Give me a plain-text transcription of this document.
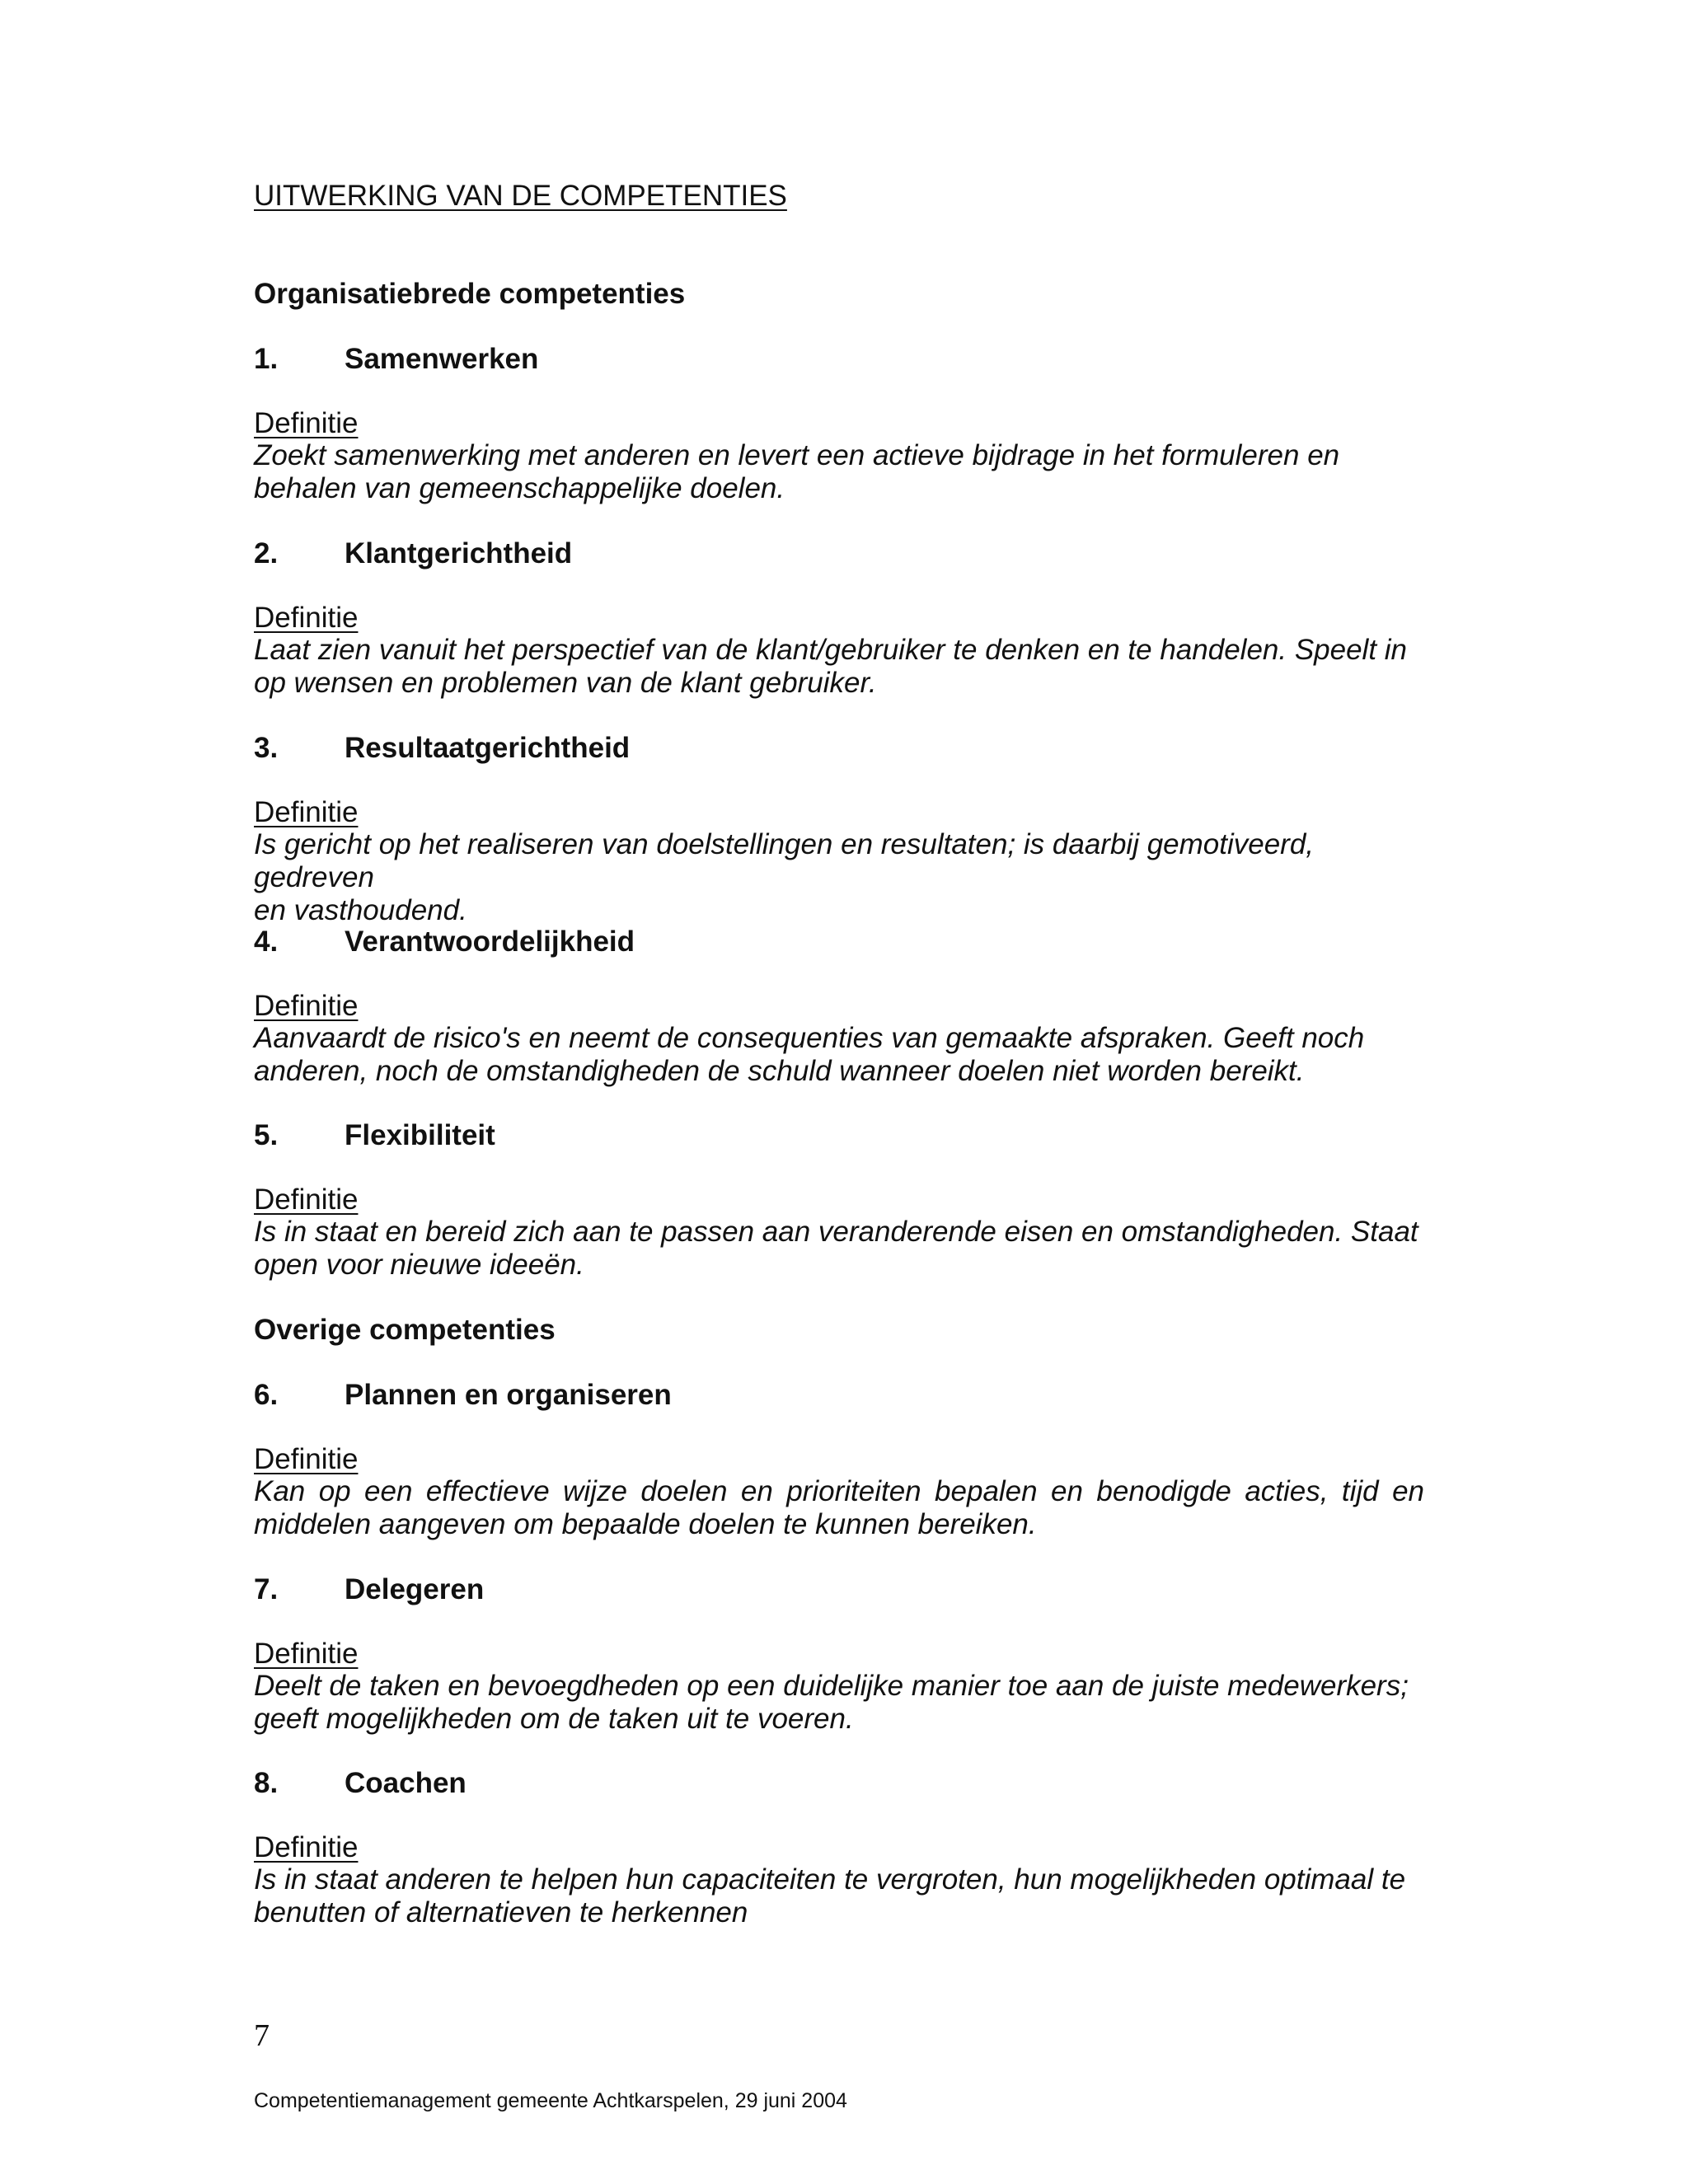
UITWERKING VAN DE COMPETENTIES
Organisatiebrede competenties
1. Samenwerken
Definitie
Zoekt samenwerking met anderen en levert een actieve bijdrage in het formuleren en
behalen van gemeenschappelijke doelen.
2. Klantgerichtheid
Definitie
Laat zien vanuit het perspectief van de klant/gebruiker te denken en te handelen. Speelt in
op wensen en problemen van de klant gebruiker.
3. Resultaatgerichtheid
Definitie
Is gericht op het realiseren van doelstellingen en resultaten; is daarbij gemotiveerd, gedreven
en vasthoudend.
4. Verantwoordelijkheid
Definitie
Aanvaardt de risico's en neemt de consequenties van gemaakte afspraken. Geeft noch
anderen, noch de omstandigheden de schuld wanneer doelen niet worden bereikt.
5. Flexibiliteit
Definitie
Is in staat en bereid zich aan te passen aan veranderende eisen en omstandigheden. Staat
open voor nieuwe ideeën.
Overige competenties
6. Plannen en organiseren
Definitie
Kan op een effectieve wijze doelen en prioriteiten bepalen en benodigde acties, tijd en
middelen aangeven om bepaalde doelen te kunnen bereiken.
7. Delegeren
Definitie
Deelt de taken en bevoegdheden op een duidelijke manier toe aan de juiste medewerkers;
geeft mogelijkheden om de taken uit te voeren.
8. Coachen
Definitie
Is in staat anderen te helpen hun capaciteiten te vergroten, hun mogelijkheden optimaal te
benutten of alternatieven te herkennen
7
Competentiemanagement gemeente Achtkarspelen, 29 juni 2004
